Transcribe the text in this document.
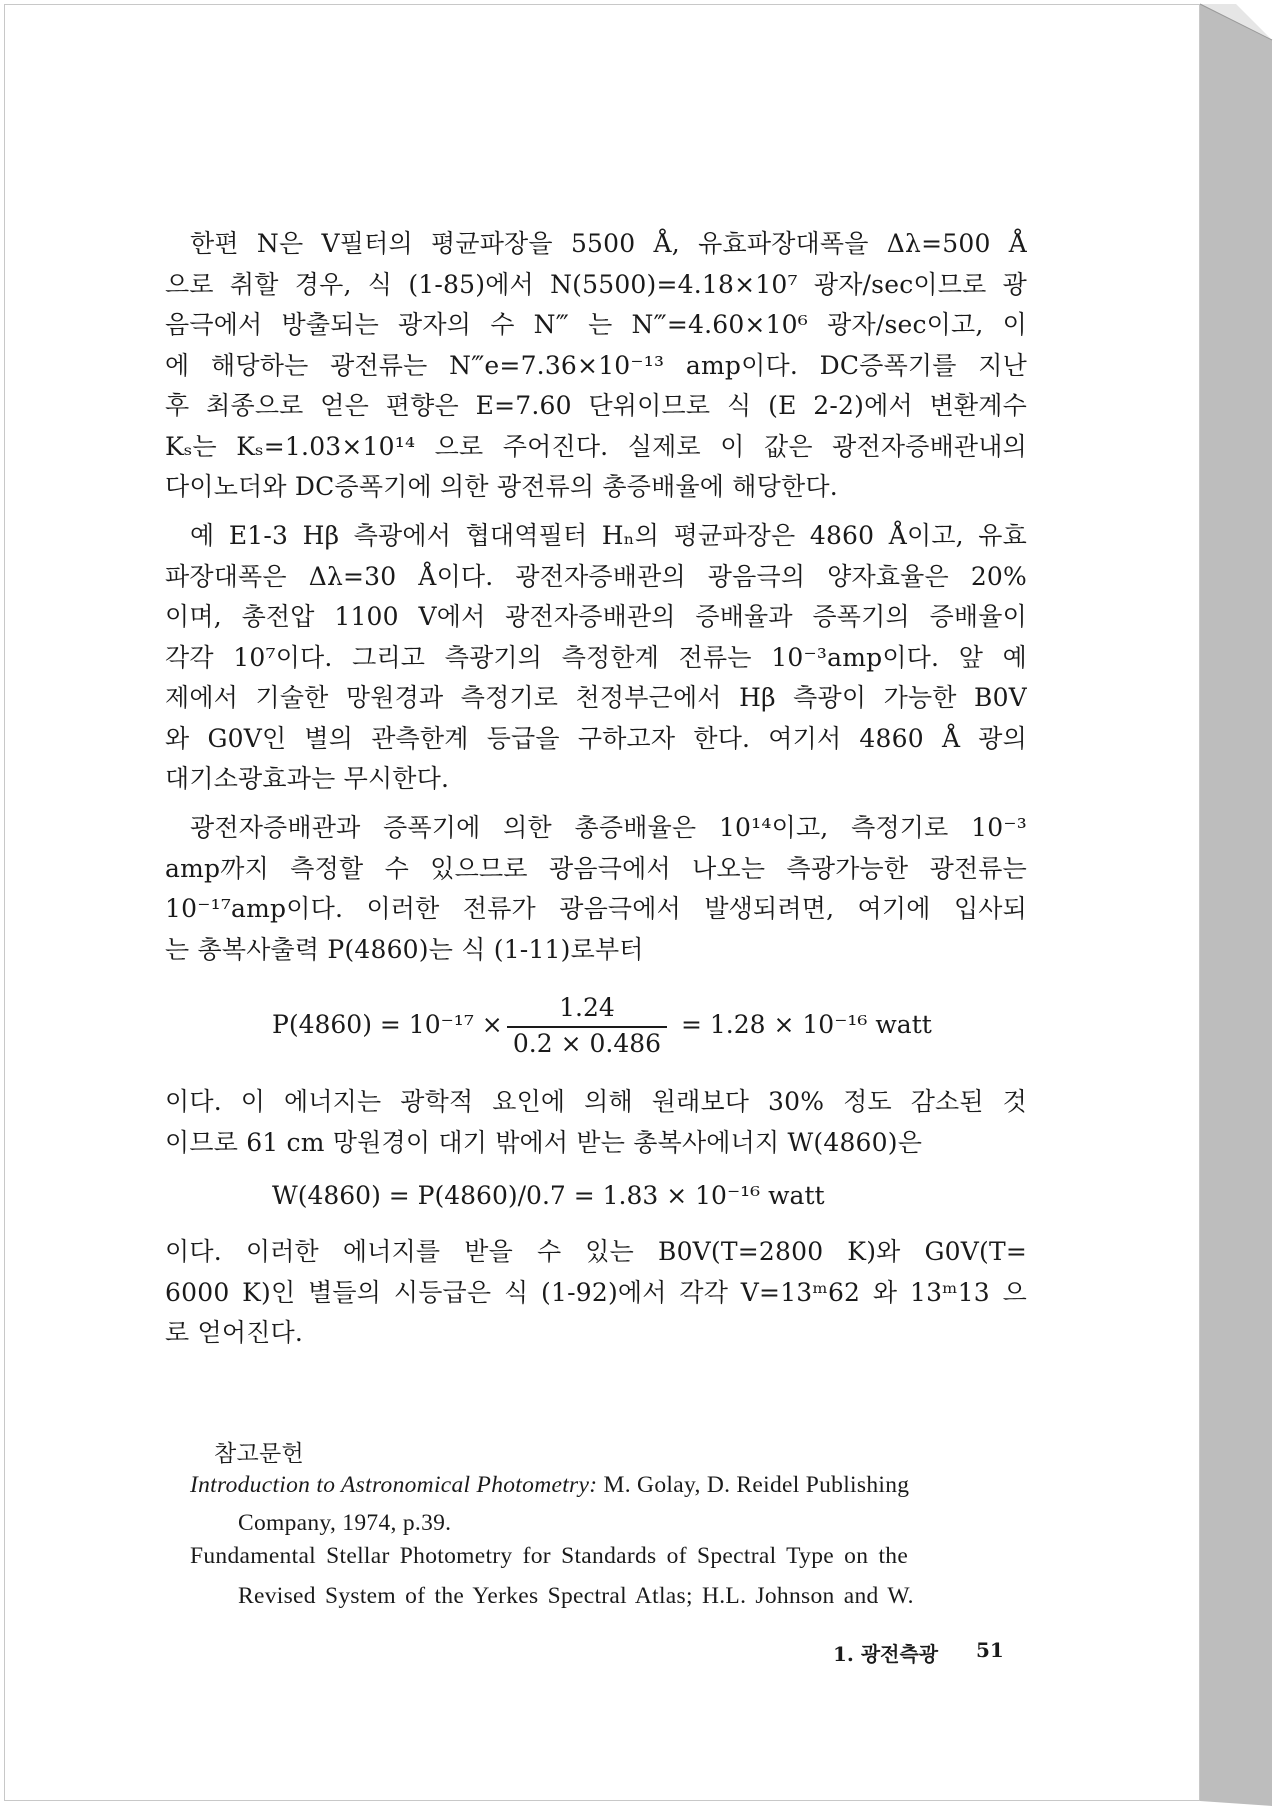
한편 N은 V필터의 평균파장을 5500 Å, 유효파장대폭을 Δλ=500 Å
으로 취할 경우, 식 (1-85)에서 N(5500)=4.18×10⁷ 광자/sec이므로 광
음극에서 방출되는 광자의 수 N‴ 는 N‴=4.60×10⁶ 광자/sec이고, 이
에 해당하는 광전류는 N‴e=7.36×10⁻¹³ amp이다. DC증폭기를 지난
후 최종으로 얻은 편향은 E=7.60 단위이므로 식 (E 2-2)에서 변환계수
Kₛ는 Kₛ=1.03×10¹⁴ 으로 주어진다. 실제로 이 값은 광전자증배관내의
다이노더와 DC증폭기에 의한 광전류의 총증배율에 해당한다.
예 E1-3 Hβ 측광에서 협대역필터 Hₙ의 평균파장은 4860 Å이고, 유효
파장대폭은 Δλ=30 Å이다. 광전자증배관의 광음극의 양자효율은 20%
이며, 총전압 1100 V에서 광전자증배관의 증배율과 증폭기의 증배율이
각각 10⁷이다. 그리고 측광기의 측정한계 전류는 10⁻³amp이다. 앞 예
제에서 기술한 망원경과 측정기로 천정부근에서 Hβ 측광이 가능한 B0V
와 G0V인 별의 관측한계 등급을 구하고자 한다. 여기서 4860 Å 광의
대기소광효과는 무시한다.
광전자증배관과 증폭기에 의한 총증배율은 10¹⁴이고, 측정기로 10⁻³
amp까지 측정할 수 있으므로 광음극에서 나오는 측광가능한 광전류는
10⁻¹⁷amp이다. 이러한 전류가 광음극에서 발생되려면, 여기에 입사되
는 총복사출력 P(4860)는 식 (1-11)로부터
P(4860) = 10⁻¹⁷ ×
1.24
0.2 × 0.486
= 1.28 × 10⁻¹⁶ watt
이다. 이 에너지는 광학적 요인에 의해 원래보다 30% 정도 감소된 것
이므로 61 cm 망원경이 대기 밖에서 받는 총복사에너지 W(4860)은
W(4860) = P(4860)/0.7 = 1.83 × 10⁻¹⁶ watt
이다. 이러한 에너지를 받을 수 있는 B0V(T=2800 K)와 G0V(T=
6000 K)인 별들의 시등급은 식 (1-92)에서 각각 V=13ᵐ62 와 13ᵐ13 으
로 얻어진다.
참고문헌
Introduction to Astronomical Photometry: M. Golay, D. Reidel Publishing
Company, 1974, p.39.
Fundamental Stellar Photometry for Standards of Spectral Type on the
Revised System of the Yerkes Spectral Atlas; H.L. Johnson and W.
1. 광전측광 51
